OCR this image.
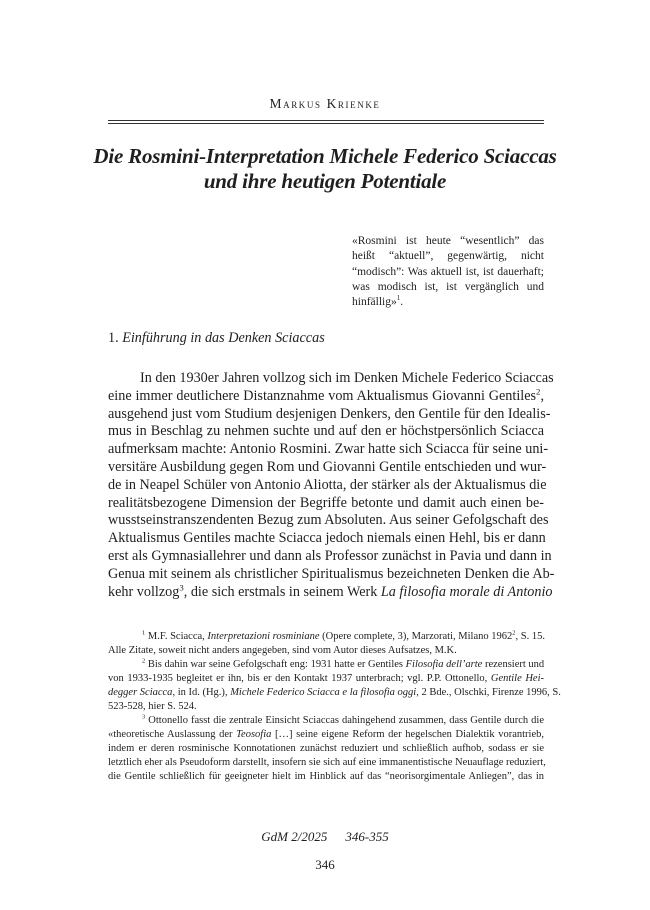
Markus Krienke
Die Rosmini-Interpretation Michele Federico Sciaccas
und ihre heutigen Potentiale
«Rosmini ist heute “wesentlich” das heißt “aktuell”, gegenwärtig, nicht “modisch”: Was aktuell ist, ist dauerhaft; was modisch ist, ist vergänglich und hinfällig»$^1$.
1. Einführung in das Denken Sciaccas
In den 1930er Jahren vollzog sich im Denken Michele Federico Sciaccas
eine immer deutlichere Distanznahme vom Aktualismus Giovanni Gentiles$^2$,
ausgehend just vom Studium desjenigen Denkers, den Gentile für den Idealis-
mus in Beschlag zu nehmen suchte und auf den er höchstpersönlich Sciacca
aufmerksam machte: Antonio Rosmini. Zwar hatte sich Sciacca für seine uni-
versitäre Ausbildung gegen Rom und Giovanni Gentile entschieden und wur-
de in Neapel Schüler von Antonio Aliotta, der stärker als der Aktualismus die
realitätsbezogene Dimension der Begriffe betonte und damit auch einen be-
wusstseinstranszendenten Bezug zum Absoluten. Aus seiner Gefolgschaft des
Aktualismus Gentiles machte Sciacca jedoch niemals einen Hehl, bis er dann
erst als Gymnasiallehrer und dann als Professor zunächst in Pavia und dann in
Genua mit seinem als christlicher Spiritualismus bezeichneten Denken die Ab-
kehr vollzog$^3$, die sich erstmals in seinem Werk La filosofia morale di Antonio
$^1$ M.F. Sciacca, Interpretazioni rosminiane (Opere complete, 3), Marzorati, Milano 1962$^2$, S. 15.
Alle Zitate, soweit nicht anders angegeben, sind vom Autor dieses Aufsatzes, M.K.
$^2$ Bis dahin war seine Gefolgschaft eng: 1931 hatte er Gentiles Filosofia dell’arte rezensiert und
von 1933-1935 begleitet er ihn, bis er den Kontakt 1937 unterbrach; vgl. P.P. Ottonello, Gentile Hei-
degger Sciacca, in Id. (Hg.), Michele Federico Sciacca e la filosofia oggi, 2 Bde., Olschki, Firenze 1996, S.
523-528, hier S. 524.
$^3$ Ottonello fasst die zentrale Einsicht Sciaccas dahingehend zusammen, dass Gentile durch die
«theoretische Auslassung der Teosofia […] seine eigene Reform der hegelschen Dialektik vorantrieb,
indem er deren rosminische Konnotationen zunächst reduziert und schließlich aufhob, sodass er sie
letztlich eher als Pseudoform darstellt, insofern sie sich auf eine immanentistische Neuauflage reduziert,
die Gentile schließlich für geeigneter hielt im Hinblick auf das “neorisorgimentale Anliegen”, das in
GdM 2/2025 346-355
346
